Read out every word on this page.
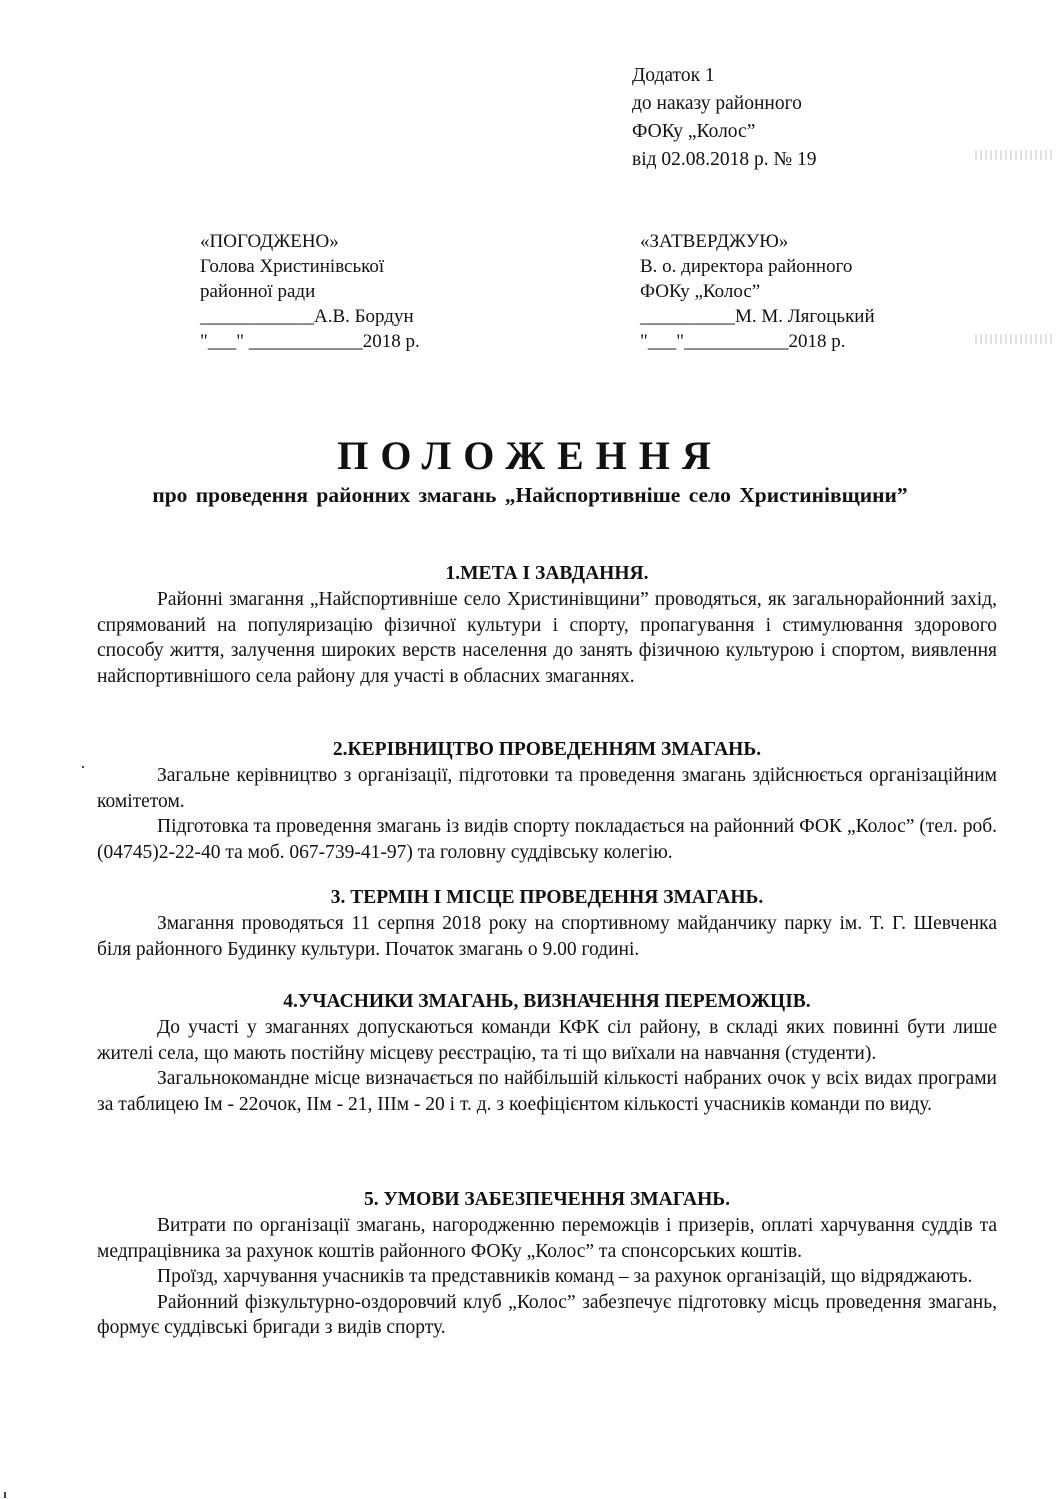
Додаток 1
до наказу районного
ФОКу „Колос”
від 02.08.2018 р. № 19
«ПОГОДЖЕНО»
Голова Христинівської
районної ради
____________А.В. Бордун
"___" ____________2018 р.
«ЗАТВЕРДЖУЮ»
В. о. директора районного
ФОКу „Колос”
__________М. М. Лягоцький
"___"___________2018 р.
ПОЛОЖЕННЯ
про проведення районних змагань „Найспортивніше село Христинівщини”
1.МЕТА І ЗАВДАННЯ.

Районні змагання „Найспортивніше село Христинівщини” проводяться, як загальнорайонний захід, спрямований на популяризацію фізичної культури і спорту, пропагування і стимулювання здорового способу життя, залучення широких верств населення до занять фізичною культурою і спортом, виявлення найспортивнішого села району для участі в обласних змаганнях.

2.КЕРІВНИЦТВО ПРОВЕДЕННЯМ ЗМАГАНЬ.

Загальне керівництво з організації, підготовки та проведення змагань здійснюється організаційним комітетом.

Підготовка та проведення змагань із видів спорту покладається на районний ФОК „Колос” (тел. роб. (04745)2-22-40 та моб. 067-739-41-97) та головну суддівську колегію.

3. ТЕРМІН І МІСЦЕ ПРОВЕДЕННЯ ЗМАГАНЬ.

Змагання проводяться 11 серпня 2018 року на спортивному майданчику парку ім. Т. Г. Шевченка біля районного Будинку культури. Початок змагань о 9.00 годині.

4.УЧАСНИКИ ЗМАГАНЬ, ВИЗНАЧЕННЯ ПЕРЕМОЖЦІВ.

До участі у змаганнях допускаються команди КФК сіл району, в складі яких повинні бути лише жителі села, що мають постійну місцеву реєстрацію, та ті що виїхали на навчання (студенти).

Загальнокомандне місце визначається по найбільшій кількості набраних очок у всіх видах програми за таблицею Ім - 22очок, ІІм - 21, ІІІм - 20 і т. д. з коефіцієнтом кількості учасників команди по виду.

5. УМОВИ ЗАБЕЗПЕЧЕННЯ ЗМАГАНЬ.

Витрати по організації змагань, нагородженню переможців і призерів, оплаті харчування суддів та медпрацівника за рахунок коштів районного ФОКу „Колос” та спонсорських коштів.

Проїзд, харчування учасників та представників команд – за рахунок організацій, що відряджають.

Районний фізкультурно-оздоровчий клуб „Колос” забезпечує підготовку місць проведення змагань, формує суддівські бригади з видів спорту.
